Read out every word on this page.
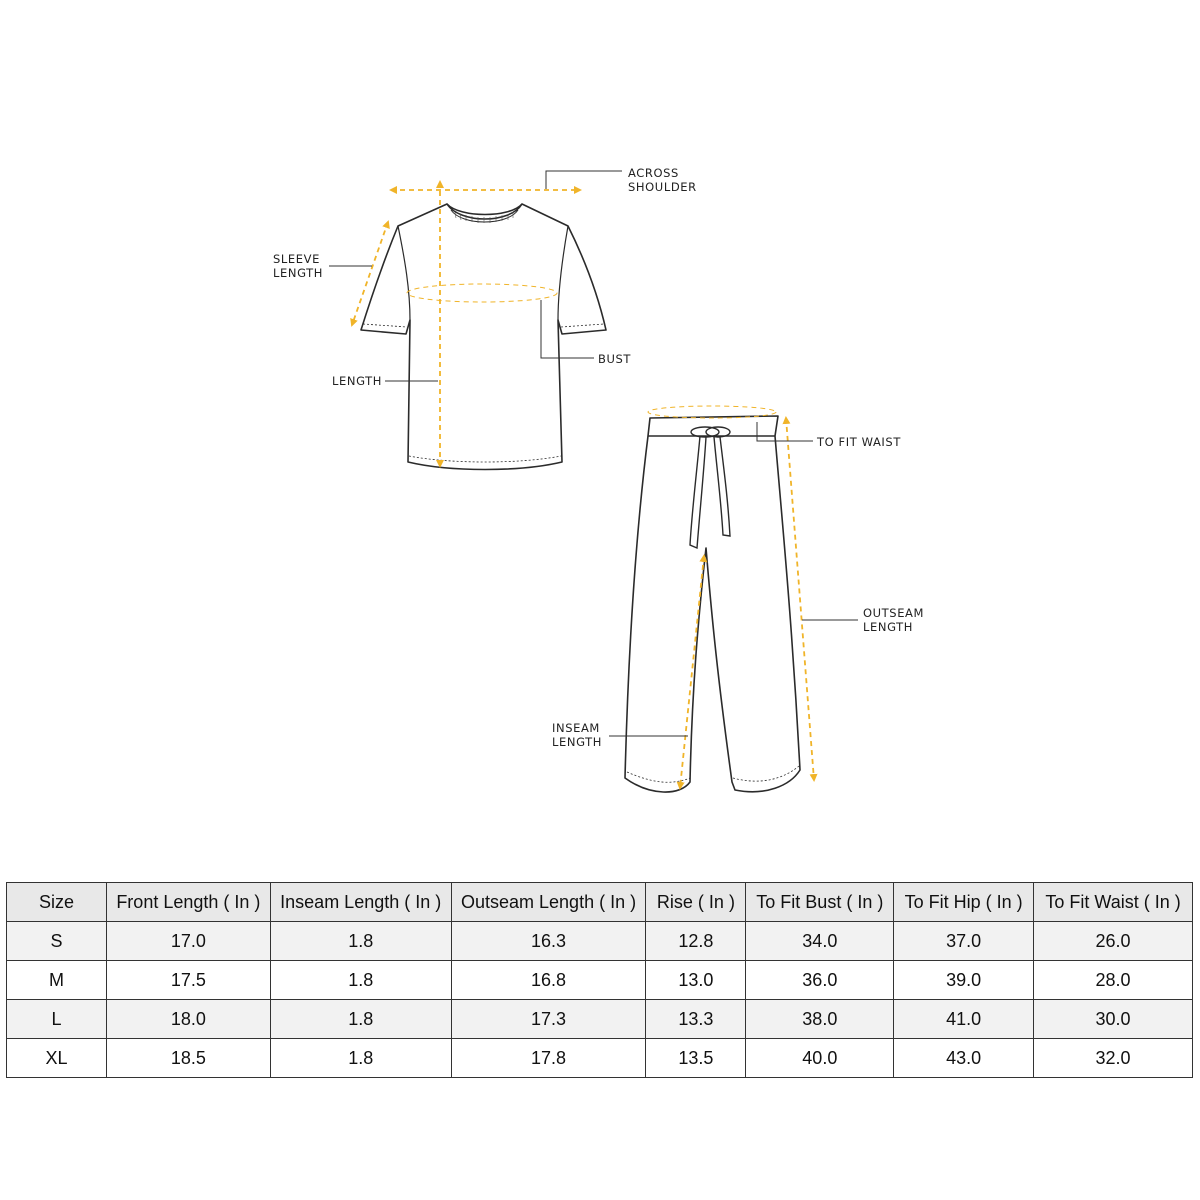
ACROSS
SHOULDER
SLEEVE
LENGTH
BUST
LENGTH
TO FIT WAIST
OUTSEAM
LENGTH
INSEAM
LENGTH
Size	Front Length ( In )	Inseam Length ( In )	Outseam Length ( In )	Rise ( In )	To Fit Bust ( In )	To Fit Hip ( In )	To Fit Waist ( In )
S	17.0	1.8	16.3	12.8	34.0	37.0	26.0
M	17.5	1.8	16.8	13.0	36.0	39.0	28.0
L	18.0	1.8	17.3	13.3	38.0	41.0	30.0
XL	18.5	1.8	17.8	13.5	40.0	43.0	32.0
